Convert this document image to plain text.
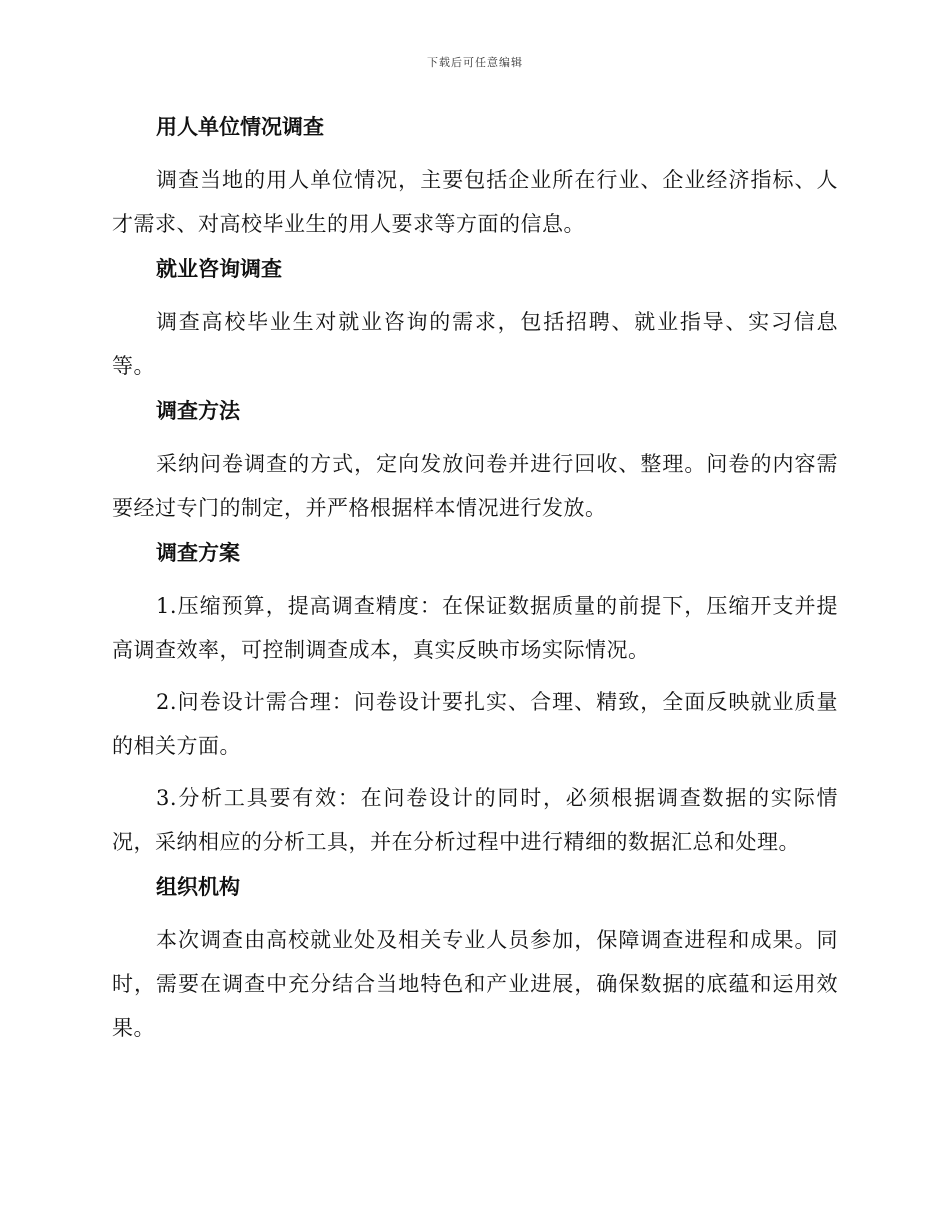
下载后可任意编辑
用人单位情况调查

调查当地的用人单位情况，主要包括企业所在行业、企业经济指标、人才需求、对高校毕业生的用人要求等方面的信息。

就业咨询调查

调查高校毕业生对就业咨询的需求，包括招聘、就业指导、实习信息等。

调查方法

采纳问卷调查的方式，定向发放问卷并进行回收、整理。问卷的内容需要经过专门的制定，并严格根据样本情况进行发放。

调查方案

1.压缩预算，提高调查精度：在保证数据质量的前提下，压缩开支并提高调查效率，可控制调查成本，真实反映市场实际情况。

2.问卷设计需合理：问卷设计要扎实、合理、精致，全面反映就业质量的相关方面。

3.分析工具要有效：在问卷设计的同时，必须根据调查数据的实际情况，采纳相应的分析工具，并在分析过程中进行精细的数据汇总和处理。

组织机构

本次调查由高校就业处及相关专业人员参加，保障调查进程和成果。同时，需要在调查中充分结合当地特色和产业进展，确保数据的底蕴和运用效果。
